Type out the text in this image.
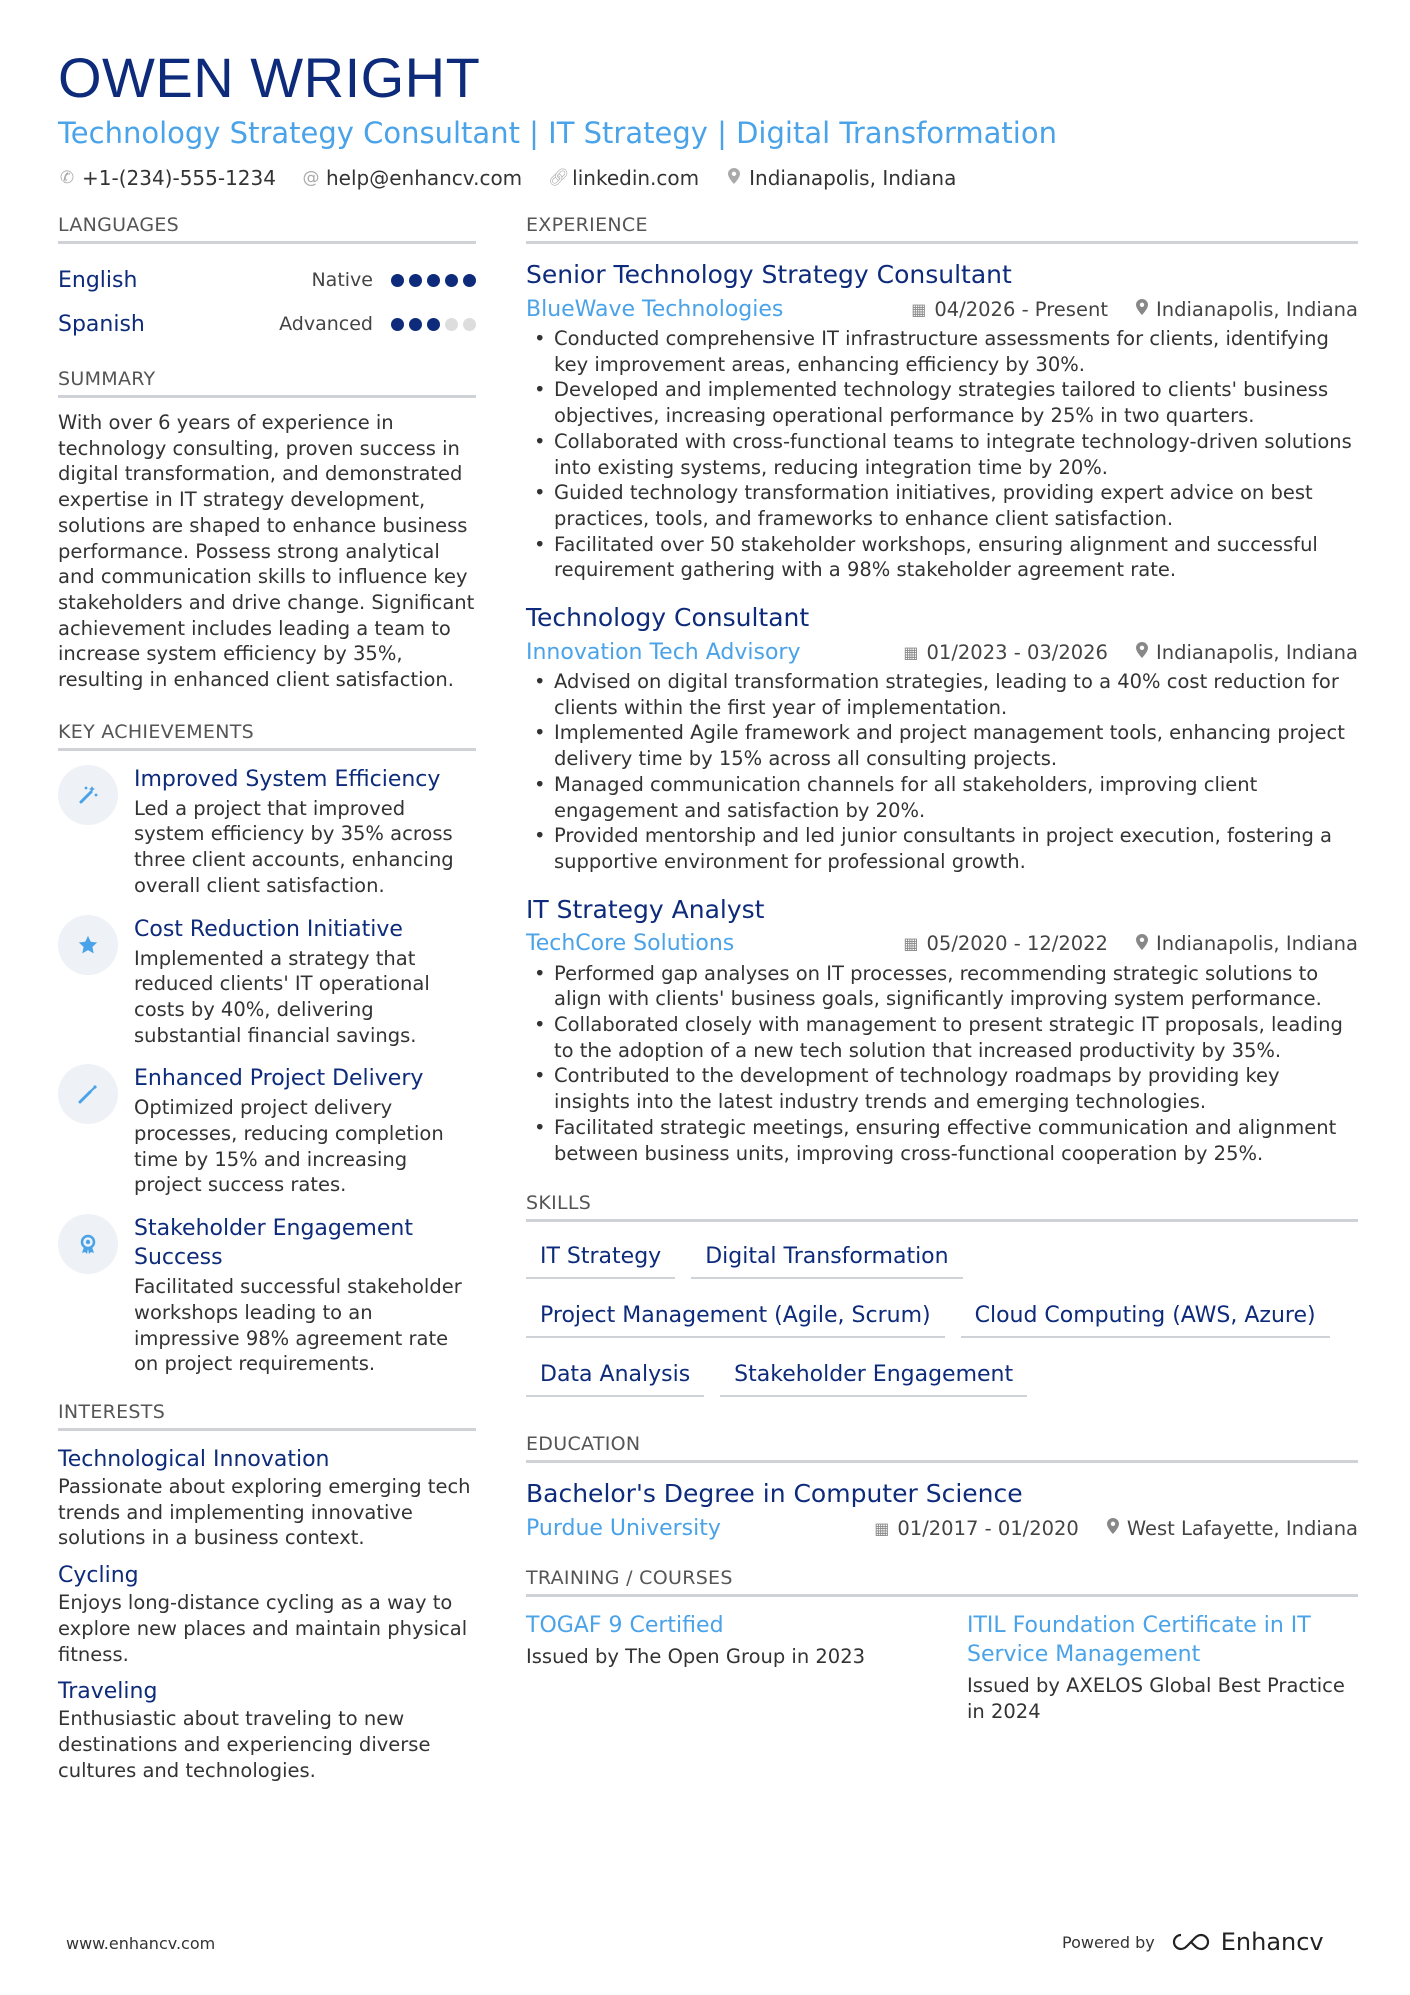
OWEN WRIGHT
Technology Strategy Consultant | IT Strategy | Digital Transformation
✆ +1-(234)-555-1234 @ help@enhancv.com 🔗︎ linkedin.com	Indianapolis, Indiana
LANGUAGES
English	Native
Spanish	Advanced
SUMMARY
With over 6 years of experience in technology consulting, proven success in digital transformation, and demonstrated expertise in IT strategy development, solutions are shaped to enhance business performance. Possess strong analytical and communication skills to influence key stakeholders and drive change. Significant achievement includes leading a team to increase system efficiency by 35%, resulting in enhanced client satisfaction.
KEY ACHIEVEMENTS
Improved System Efficiency
Led a project that improved system efficiency by 35% across three client accounts, enhancing overall client satisfaction.
Cost Reduction Initiative
Implemented a strategy that reduced clients' IT operational costs by 40%, delivering substantial financial savings.
Enhanced Project Delivery
Optimized project delivery processes, reducing completion time by 15% and increasing project success rates.
Stakeholder Engagement Success
Facilitated successful stakeholder workshops leading to an impressive 98% agreement rate on project requirements.
INTERESTS
Technological Innovation
Passionate about exploring emerging tech trends and implementing innovative solutions in a business context.
Cycling
Enjoys long-distance cycling as a way to explore new places and maintain physical fitness.
Traveling
Enthusiastic about traveling to new destinations and experiencing diverse cultures and technologies.
EXPERIENCE
Senior Technology Strategy Consultant
BlueWave Technologies	▦ 04/2026 - Present Indianapolis, Indiana
• Conducted comprehensive IT infrastructure assessments for clients, identifying key improvement areas, enhancing efficiency by 30%.
• Developed and implemented technology strategies tailored to clients' business objectives, increasing operational performance by 25% in two quarters.
• Collaborated with cross-functional teams to integrate technology-driven solutions into existing systems, reducing integration time by 20%.
• Guided technology transformation initiatives, providing expert advice on best practices, tools, and frameworks to enhance client satisfaction.
• Facilitated over 50 stakeholder workshops, ensuring alignment and successful requirement gathering with a 98% stakeholder agreement rate.
Technology Consultant
Innovation Tech Advisory	▦ 01/2023 - 03/2026 Indianapolis, Indiana
• Advised on digital transformation strategies, leading to a 40% cost reduction for clients within the first year of implementation.
• Implemented Agile framework and project management tools, enhancing project delivery time by 15% across all consulting projects.
• Managed communication channels for all stakeholders, improving client engagement and satisfaction by 20%.
• Provided mentorship and led junior consultants in project execution, fostering a supportive environment for professional growth.
IT Strategy Analyst
TechCore Solutions	▦ 05/2020 - 12/2022 Indianapolis, Indiana
• Performed gap analyses on IT processes, recommending strategic solutions to align with clients' business goals, significantly improving system performance.
• Collaborated closely with management to present strategic IT proposals, leading to the adoption of a new tech solution that increased productivity by 35%.
• Contributed to the development of technology roadmaps by providing key insights into the latest industry trends and emerging technologies.
• Facilitated strategic meetings, ensuring effective communication and alignment between business units, improving cross-functional cooperation by 25%.
SKILLS
IT Strategy	Digital Transformation
Project Management (Agile, Scrum)	Cloud Computing (AWS, Azure)
Data Analysis	Stakeholder Engagement
EDUCATION
Bachelor's Degree in Computer Science
Purdue University	▦ 01/2017 - 01/2020 West Lafayette, Indiana
TRAINING / COURSES
TOGAF 9 Certified
Issued by The Open Group in 2023
ITIL Foundation Certificate in IT Service Management
Issued by AXELOS Global Best Practice in 2024
www.enhancv.com	Powered by	Enhancv
